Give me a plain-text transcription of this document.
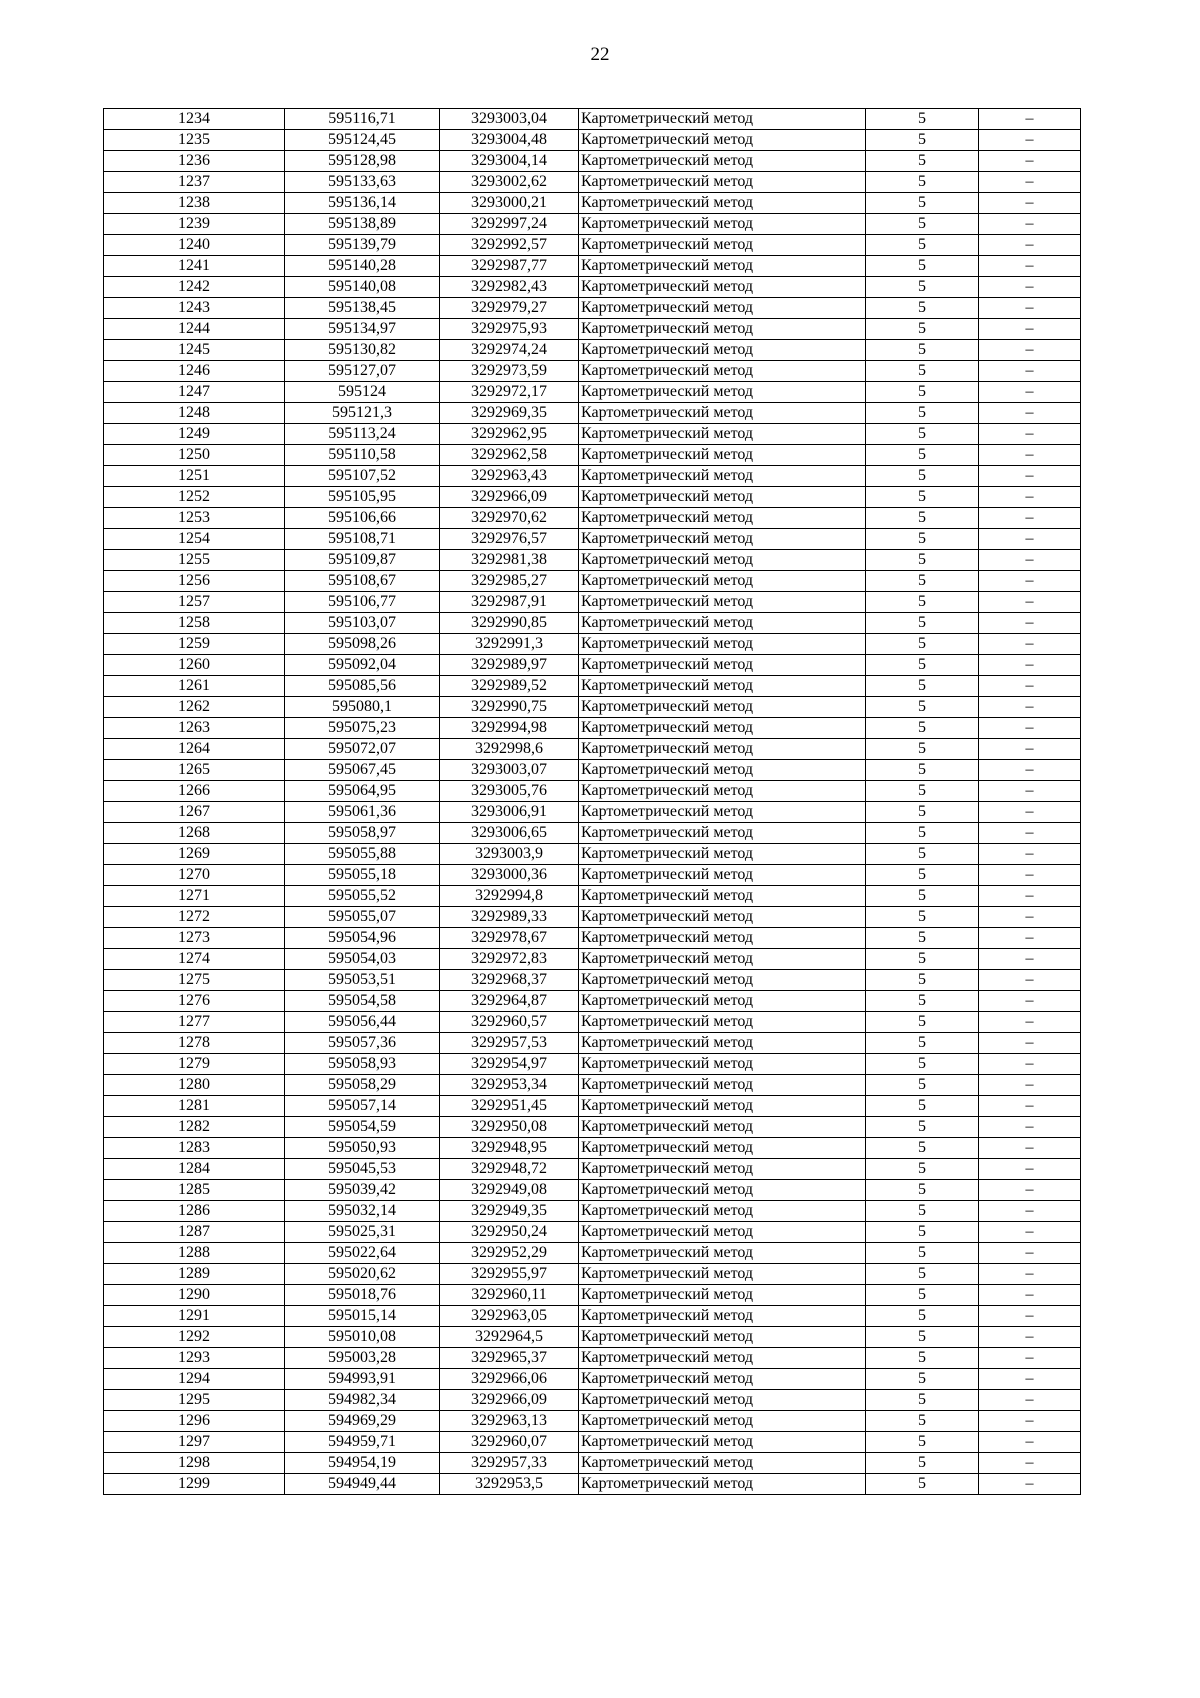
22
1234	595116,71	3293003,04	Картометрический метод	5	–
1235	595124,45	3293004,48	Картометрический метод	5	–
1236	595128,98	3293004,14	Картометрический метод	5	–
1237	595133,63	3293002,62	Картометрический метод	5	–
1238	595136,14	3293000,21	Картометрический метод	5	–
1239	595138,89	3292997,24	Картометрический метод	5	–
1240	595139,79	3292992,57	Картометрический метод	5	–
1241	595140,28	3292987,77	Картометрический метод	5	–
1242	595140,08	3292982,43	Картометрический метод	5	–
1243	595138,45	3292979,27	Картометрический метод	5	–
1244	595134,97	3292975,93	Картометрический метод	5	–
1245	595130,82	3292974,24	Картометрический метод	5	–
1246	595127,07	3292973,59	Картометрический метод	5	–
1247	595124	3292972,17	Картометрический метод	5	–
1248	595121,3	3292969,35	Картометрический метод	5	–
1249	595113,24	3292962,95	Картометрический метод	5	–
1250	595110,58	3292962,58	Картометрический метод	5	–
1251	595107,52	3292963,43	Картометрический метод	5	–
1252	595105,95	3292966,09	Картометрический метод	5	–
1253	595106,66	3292970,62	Картометрический метод	5	–
1254	595108,71	3292976,57	Картометрический метод	5	–
1255	595109,87	3292981,38	Картометрический метод	5	–
1256	595108,67	3292985,27	Картометрический метод	5	–
1257	595106,77	3292987,91	Картометрический метод	5	–
1258	595103,07	3292990,85	Картометрический метод	5	–
1259	595098,26	3292991,3	Картометрический метод	5	–
1260	595092,04	3292989,97	Картометрический метод	5	–
1261	595085,56	3292989,52	Картометрический метод	5	–
1262	595080,1	3292990,75	Картометрический метод	5	–
1263	595075,23	3292994,98	Картометрический метод	5	–
1264	595072,07	3292998,6	Картометрический метод	5	–
1265	595067,45	3293003,07	Картометрический метод	5	–
1266	595064,95	3293005,76	Картометрический метод	5	–
1267	595061,36	3293006,91	Картометрический метод	5	–
1268	595058,97	3293006,65	Картометрический метод	5	–
1269	595055,88	3293003,9	Картометрический метод	5	–
1270	595055,18	3293000,36	Картометрический метод	5	–
1271	595055,52	3292994,8	Картометрический метод	5	–
1272	595055,07	3292989,33	Картометрический метод	5	–
1273	595054,96	3292978,67	Картометрический метод	5	–
1274	595054,03	3292972,83	Картометрический метод	5	–
1275	595053,51	3292968,37	Картометрический метод	5	–
1276	595054,58	3292964,87	Картометрический метод	5	–
1277	595056,44	3292960,57	Картометрический метод	5	–
1278	595057,36	3292957,53	Картометрический метод	5	–
1279	595058,93	3292954,97	Картометрический метод	5	–
1280	595058,29	3292953,34	Картометрический метод	5	–
1281	595057,14	3292951,45	Картометрический метод	5	–
1282	595054,59	3292950,08	Картометрический метод	5	–
1283	595050,93	3292948,95	Картометрический метод	5	–
1284	595045,53	3292948,72	Картометрический метод	5	–
1285	595039,42	3292949,08	Картометрический метод	5	–
1286	595032,14	3292949,35	Картометрический метод	5	–
1287	595025,31	3292950,24	Картометрический метод	5	–
1288	595022,64	3292952,29	Картометрический метод	5	–
1289	595020,62	3292955,97	Картометрический метод	5	–
1290	595018,76	3292960,11	Картометрический метод	5	–
1291	595015,14	3292963,05	Картометрический метод	5	–
1292	595010,08	3292964,5	Картометрический метод	5	–
1293	595003,28	3292965,37	Картометрический метод	5	–
1294	594993,91	3292966,06	Картометрический метод	5	–
1295	594982,34	3292966,09	Картометрический метод	5	–
1296	594969,29	3292963,13	Картометрический метод	5	–
1297	594959,71	3292960,07	Картометрический метод	5	–
1298	594954,19	3292957,33	Картометрический метод	5	–
1299	594949,44	3292953,5	Картометрический метод	5	–
